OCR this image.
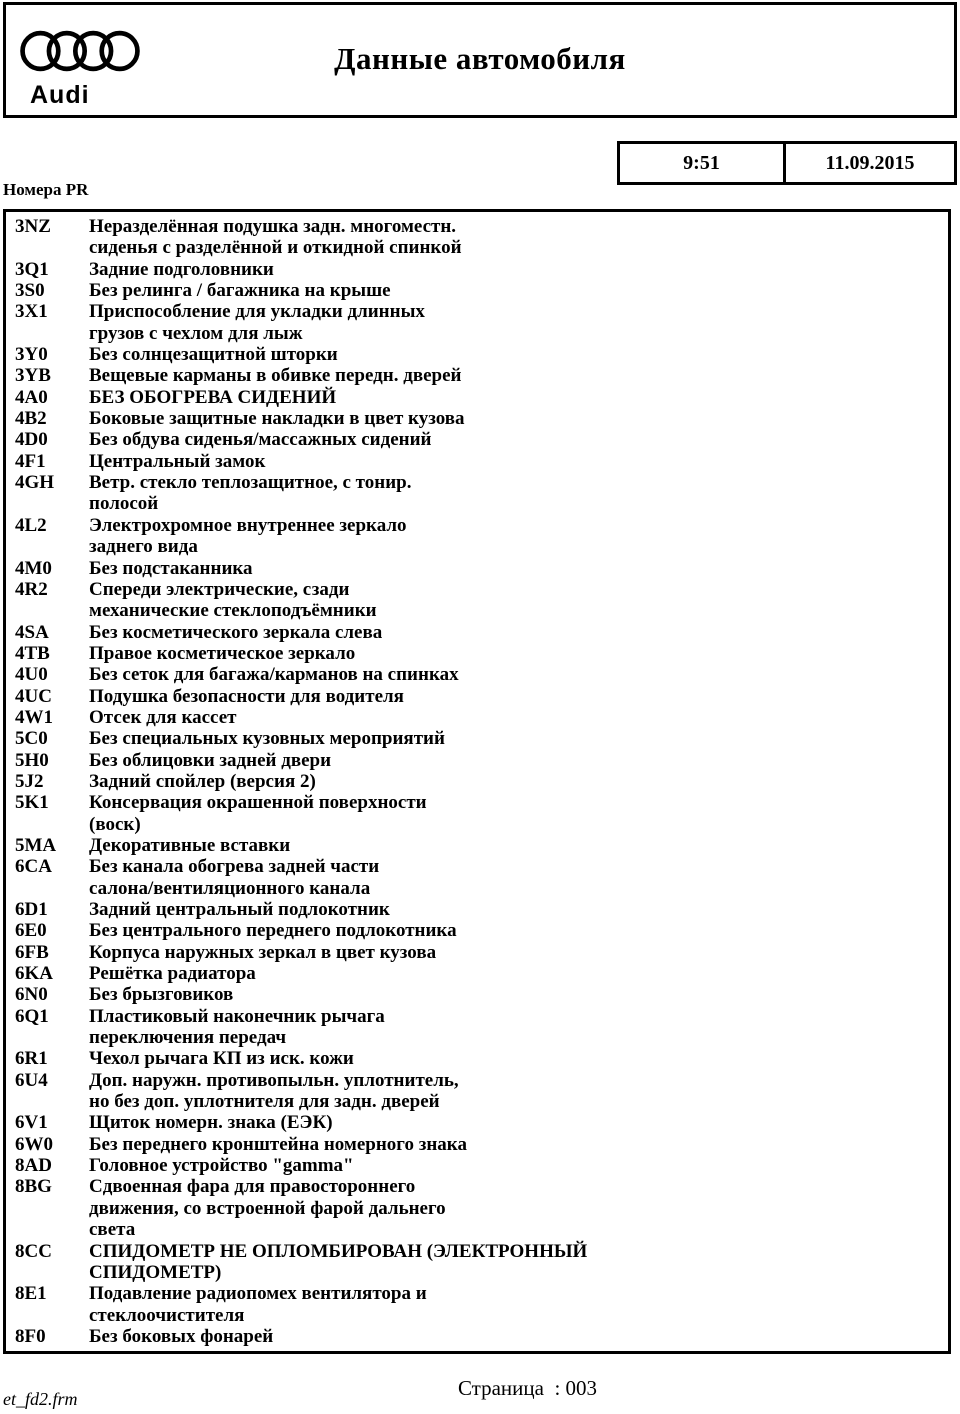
Audi
Данные автомобиля
9:51	11.09.2015
Номера PR
3NZ	Неразделённая подушка задн. многоместн.
сиденья с разделённой и откидной спинкой
3Q1	Задние подголовники
3S0	Без релинга / багажника на крыше
3X1	Приспособление для укладки длинных
грузов с чехлом для лыж
3Y0	Без солнцезащитной шторки
3YB	Вещевые карманы в обивке передн. дверей
4A0	БЕЗ ОБОГРЕВА СИДЕНИЙ
4B2	Боковые защитные накладки в цвет кузова
4D0	Без обдува сиденья/массажных сидений
4F1	Центральный замок
4GH	Ветр. стекло теплозащитное, с тонир.
полосой
4L2	Электрохромное внутреннее зеркало
заднего вида
4M0	Без подстаканника
4R2	Спереди электрические, сзади
механические стеклоподъёмники
4SA	Без косметического зеркала слева
4TB	Правое косметическое зеркало
4U0	Без сеток для багажа/карманов на спинках
4UC	Подушка безопасности для водителя
4W1	Отсек для кассет
5C0	Без специальных кузовных мероприятий
5H0	Без облицовки задней двери
5J2	Задний спойлер (версия 2)
5K1	Консервация окрашенной поверхности
(воск)
5MA	Декоративные вставки
6CA	Без канала обогрева задней части
салона/вентиляционного канала
6D1	Задний центральный подлокотник
6E0	Без центрального переднего подлокотника
6FB	Корпуса наружных зеркал в цвет кузова
6KA	Решётка радиатора
6N0	Без брызговиков
6Q1	Пластиковый наконечник рычага
переключения передач
6R1	Чехол рычага КП из иск. кожи
6U4	Доп. наружн. противопыльн. уплотнитель,
но без доп. уплотнителя для задн. дверей
6V1	Щиток номерн. знака (ЕЭК)
6W0	Без переднего кронштейна номерного знака
8AD	Головное устройство "gamma"
8BG	Сдвоенная фара для правостороннего
движения, со встроенной фарой дальнего
света
8CC	СПИДОМЕТР НЕ ОПЛОМБИРОВАН (ЭЛЕКТРОННЫЙ
СПИДОМЕТР)
8E1	Подавление радиопомех вентилятора и
стеклоочистителя
8F0	Без боковых фонарей
Страница  : 003
et_fd2.frm
